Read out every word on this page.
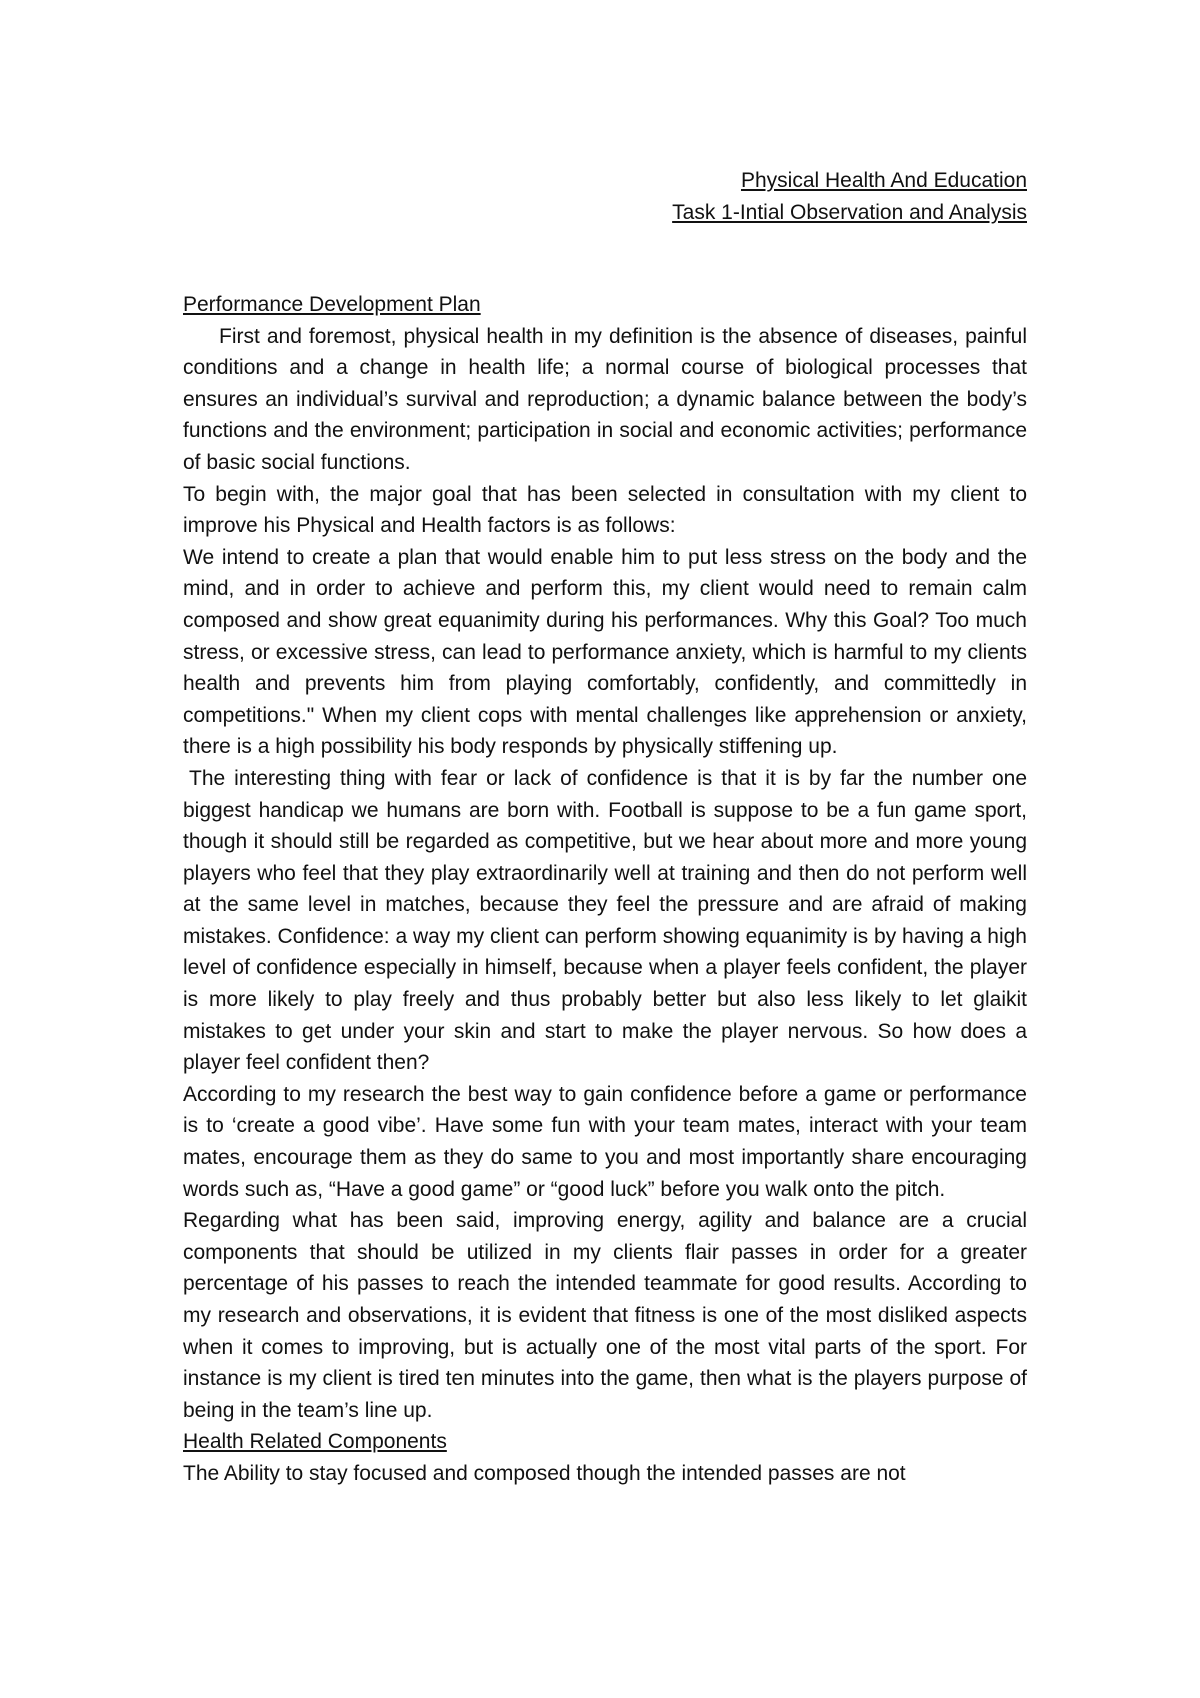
Physical Health And Education
Task 1-Intial Observation and Analysis
Performance Development Plan

First and foremost, physical health in my definition is the absence of diseases, painful conditions and a change in health life; a normal course of biological processes that ensures an individual’s survival and reproduction; a dynamic balance between the body’s functions and the environment; participation in social and economic activities; performance of basic social functions.

To begin with, the major goal that has been selected in consultation with my client to improve his Physical and Health factors is as follows:

We intend to create a plan that would enable him to put less stress on the body and the mind, and in order to achieve and perform this, my client would need to remain calm composed and show great equanimity during his performances. Why this Goal? Too much stress, or excessive stress, can lead to performance anxiety, which is harmful to my clients health and prevents him from playing comfortably, confidently, and committedly in competitions." When my client cops with mental challenges like apprehension or anxiety, there is a high possibility his body responds by physically stiffening up.

The interesting thing with fear or lack of confidence is that it is by far the number one biggest handicap we humans are born with. Football is suppose to be a fun game sport, though it should still be regarded as competitive, but we hear about more and more young players who feel that they play extraordinarily well at training and then do not perform well at the same level in matches, because they feel the pressure and are afraid of making mistakes. Confidence: a way my client can perform showing equanimity is by having a high level of confidence especially in himself, because when a player feels confident, the player is more likely to play freely and thus probably better but also less likely to let glaikit mistakes to get under your skin and start to make the player nervous. So how does a player feel confident then?

According to my research the best way to gain confidence before a game or performance is to ‘create a good vibe’. Have some fun with your team mates, interact with your team mates, encourage them as they do same to you and most importantly share encouraging words such as, “Have a good game” or “good luck” before you walk onto the pitch.

Regarding what has been said, improving energy, agility and balance are a crucial components that should be utilized in my clients flair passes in order for a greater percentage of his passes to reach the intended teammate for good results. According to my research and observations, it is evident that fitness is one of the most disliked aspects when it comes to improving, but is actually one of the most vital parts of the sport. For instance is my client is tired ten minutes into the game, then what is the players purpose of being in the team’s line up.

Health Related Components

The Ability to stay focused and composed though the intended passes are not
